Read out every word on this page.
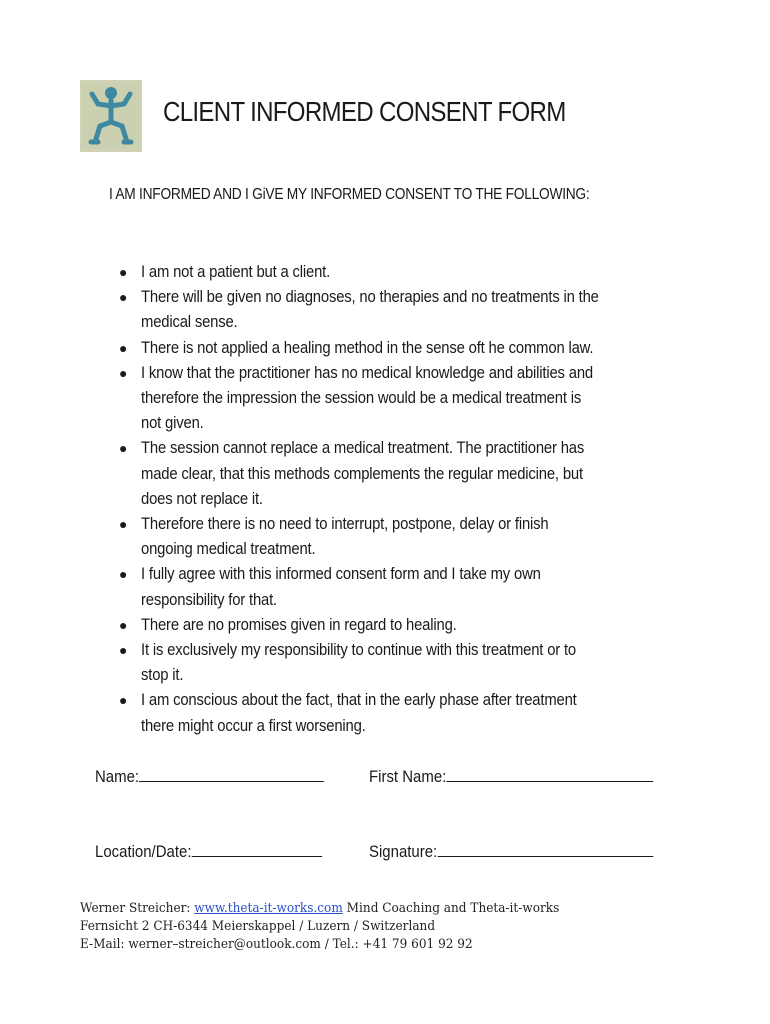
CLIENT INFORMED CONSENT FORM
I AM INFORMED AND I GiVE MY INFORMED CONSENT TO THE FOLLOWING:
● I am not a patient but a client.
● There will be given no diagnoses, no therapies and no treatments in the
medical sense.
● There is not applied a healing method in the sense oft he common law.
● I know that the practitioner has no medical knowledge and abilities and
therefore the impression the session would be a medical treatment is
not given.
● The session cannot replace a medical treatment. The practitioner has
made clear, that this methods complements the regular medicine, but
does not replace it.
● Therefore there is no need to interrupt, postpone, delay or finish
ongoing medical treatment.
● I fully agree with this informed consent form and I take my own
responsibility for that.
● There are no promises given in regard to healing.
● It is exclusively my responsibility to continue with this treatment or to
stop it.
● I am conscious about the fact, that in the early phase after treatment
there might occur a first worsening.
Name:	First Name:
Location/Date:	Signature:
Werner Streicher: www.theta-it-works.com Mind Coaching and Theta-it-works
Fernsicht 2 CH-6344 Meierskappel / Luzern / Switzerland
E-Mail: werner–streicher@outlook.com / Tel.: +41 79 601 92 92
